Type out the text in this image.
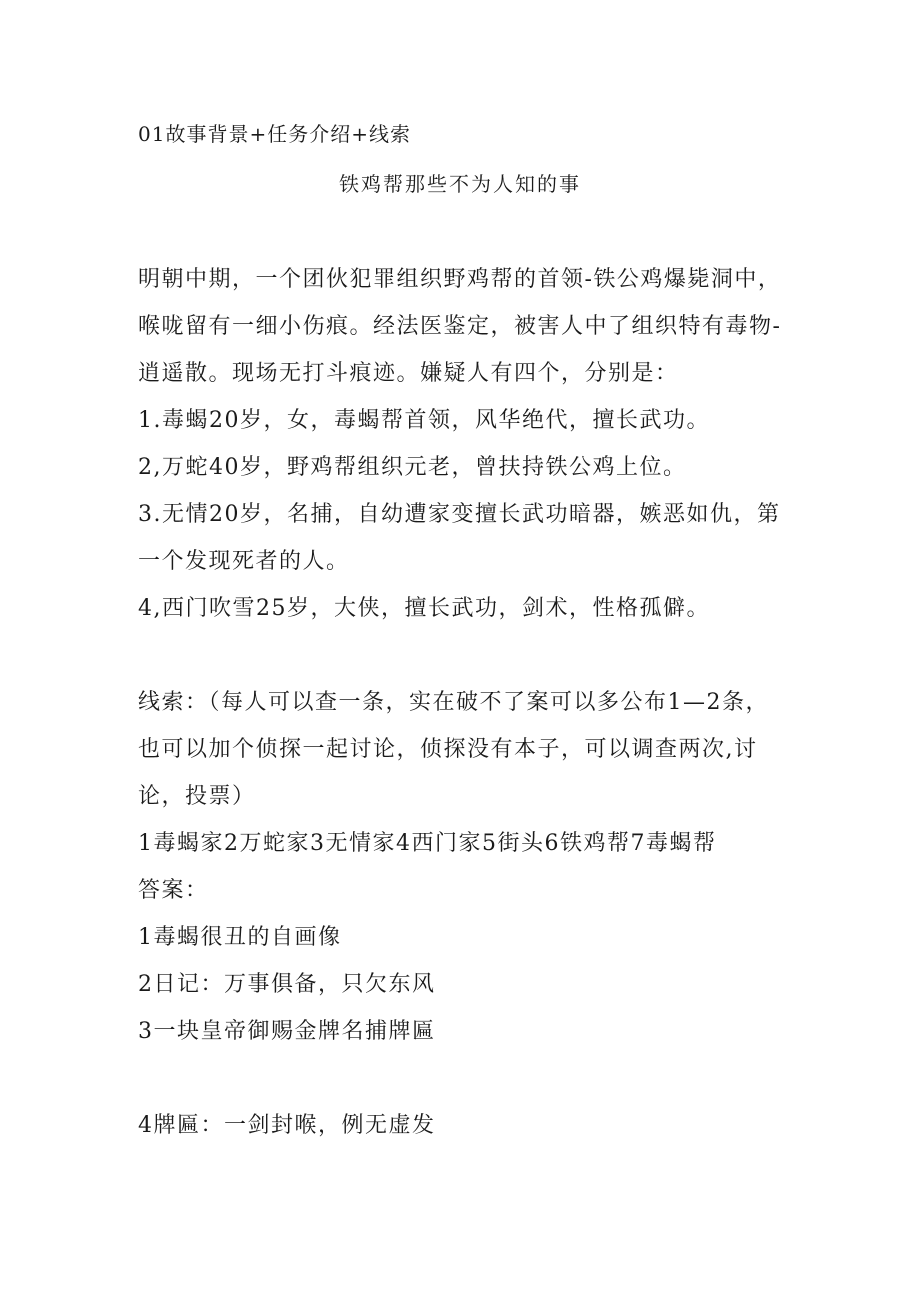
01故事背景+任务介绍+线索
铁鸡帮那些不为人知的事
明朝中期，一个团伙犯罪组织野鸡帮的首领-铁公鸡爆毙洞中，
喉咙留有一细小伤痕。经法医鉴定，被害人中了组织特有毒物-
逍遥散。现场无打斗痕迹。嫌疑人有四个，分别是：
1.毒蝎20岁，女，毒蝎帮首领，风华绝代，擅长武功。
2,万蛇40岁，野鸡帮组织元老，曾扶持铁公鸡上位。
3.无情20岁，名捕，自幼遭家变擅长武功暗器，嫉恶如仇，第
一个发现死者的人。
4,西门吹雪25岁，大侠，擅长武功，剑术，性格孤僻。
线索：（每人可以查一条，实在破不了案可以多公布1—2条，
也可以加个侦探一起讨论，侦探没有本子，可以调查两次,讨
论，投票）
1毒蝎家2万蛇家3无情家4西门家5街头6铁鸡帮7毒蝎帮
答案：
1毒蝎很丑的自画像
2日记：万事俱备，只欠东风
3一块皇帝御赐金牌名捕牌匾
4牌匾：一剑封喉，例无虚发
